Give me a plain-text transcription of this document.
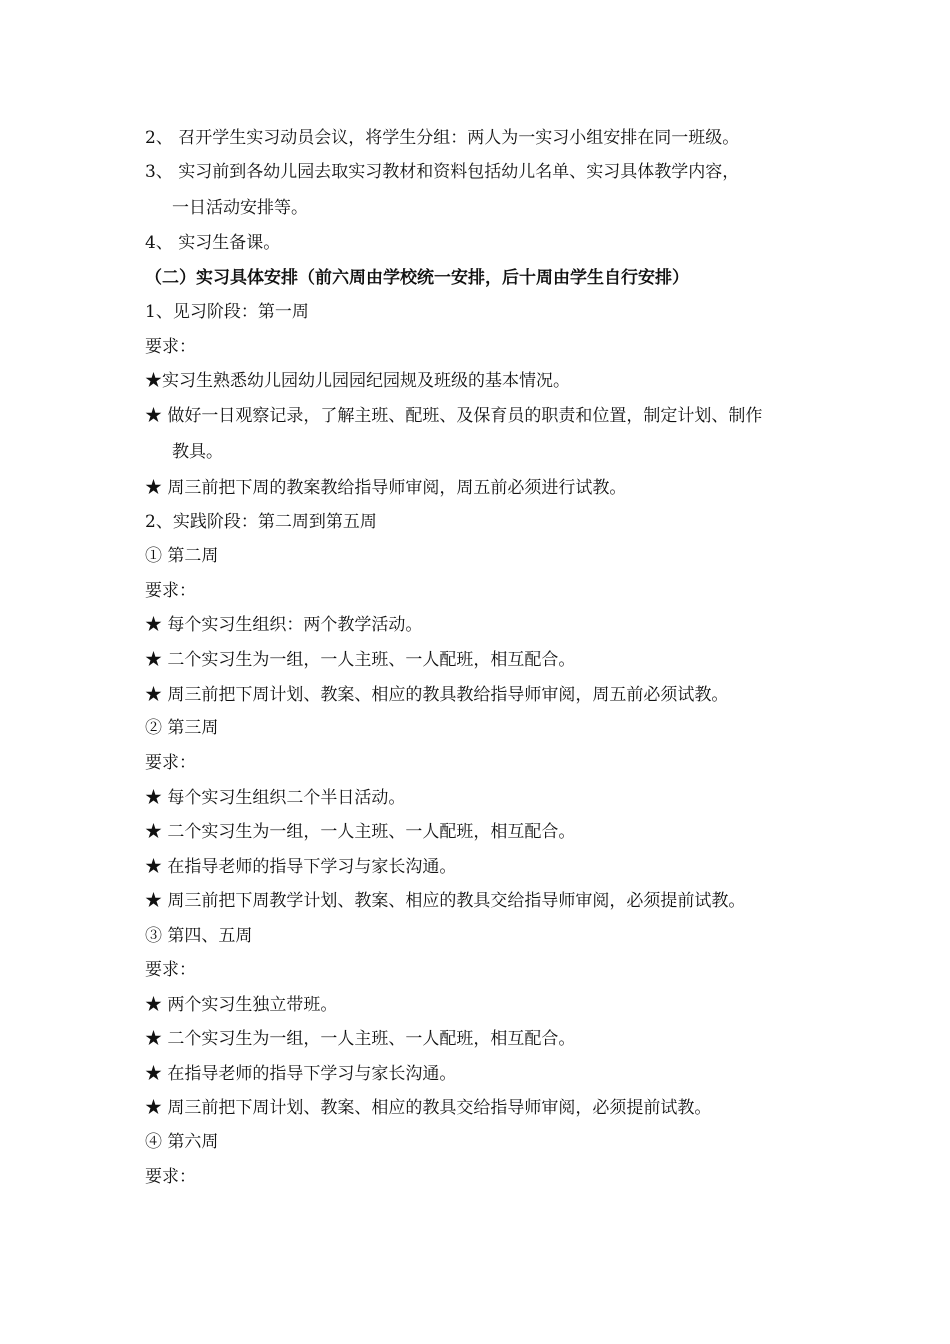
2、 召开学生实习动员会议，将学生分组：两人为一实习小组安排在同一班级。
3、 实习前到各幼儿园去取实习教材和资料包括幼儿名单、实习具体教学内容，
一日活动安排等。
4、 实习生备课。
（二）实习具体安排（前六周由学校统一安排，后十周由学生自行安排）
1、见习阶段：第一周
要求：
★实习生熟悉幼儿园幼儿园园纪园规及班级的基本情况。
★ 做好一日观察记录，了解主班、配班、及保育员的职责和位置，制定计划、制作
教具。
★ 周三前把下周的教案教给指导师审阅，周五前必须进行试教。
2、实践阶段：第二周到第五周
① 第二周
要求：
★ 每个实习生组织：两个教学活动。
★ 二个实习生为一组，一人主班、一人配班，相互配合。
★ 周三前把下周计划、教案、相应的教具教给指导师审阅，周五前必须试教。
② 第三周
要求：
★ 每个实习生组织二个半日活动。
★ 二个实习生为一组，一人主班、一人配班，相互配合。
★ 在指导老师的指导下学习与家长沟通。
★ 周三前把下周教学计划、教案、相应的教具交给指导师审阅，必须提前试教。
③ 第四、五周
要求：
★ 两个实习生独立带班。
★ 二个实习生为一组，一人主班、一人配班，相互配合。
★ 在指导老师的指导下学习与家长沟通。
★ 周三前把下周计划、教案、相应的教具交给指导师审阅，必须提前试教。
④ 第六周
要求：
